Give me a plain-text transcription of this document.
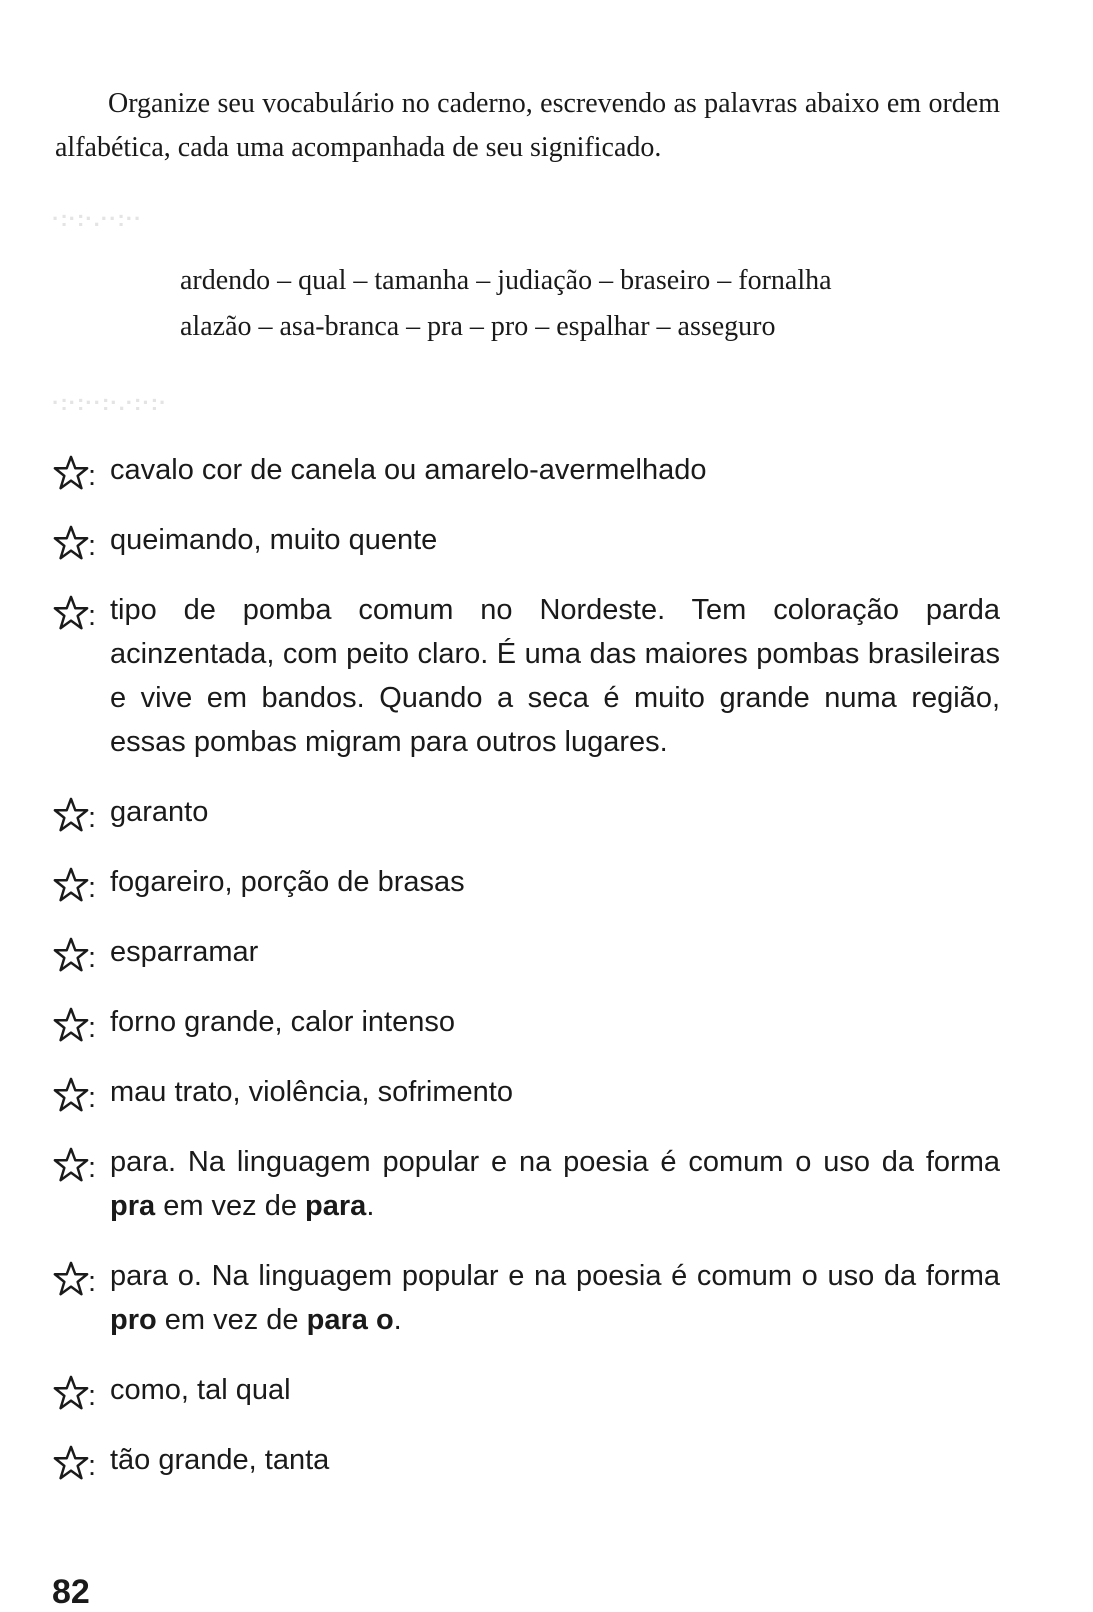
Organize seu vocabulário no caderno, escrevendo as palavras abaixo em ordem alfabética, cada uma acompanhada de seu significado.

·:·:·.··:··
ardendo – qual – tamanha – judiação – braseiro – fornalha
alazão – asa-branca – pra – pro – espalhar – asseguro
·:·:··:·.·:·:·
: cavalo cor de canela ou amarelo-avermelhado
: queimando, muito quente
: tipo de pomba comum no Nordeste. Tem coloração parda acinzentada, com peito claro. É uma das maiores pombas brasileiras e vive em bandos. Quando a seca é muito grande numa região, essas pombas migram para outros lugares.
: garanto
: fogareiro, porção de brasas
: esparramar
: forno grande, calor intenso
: mau trato, violência, sofrimento
: para. Na linguagem popular e na poesia é comum o uso da forma pra em vez de para.
: para o. Na linguagem popular e na poesia é comum o uso da forma pro em vez de para o.
: como, tal qual
: tão grande, tanta
82
